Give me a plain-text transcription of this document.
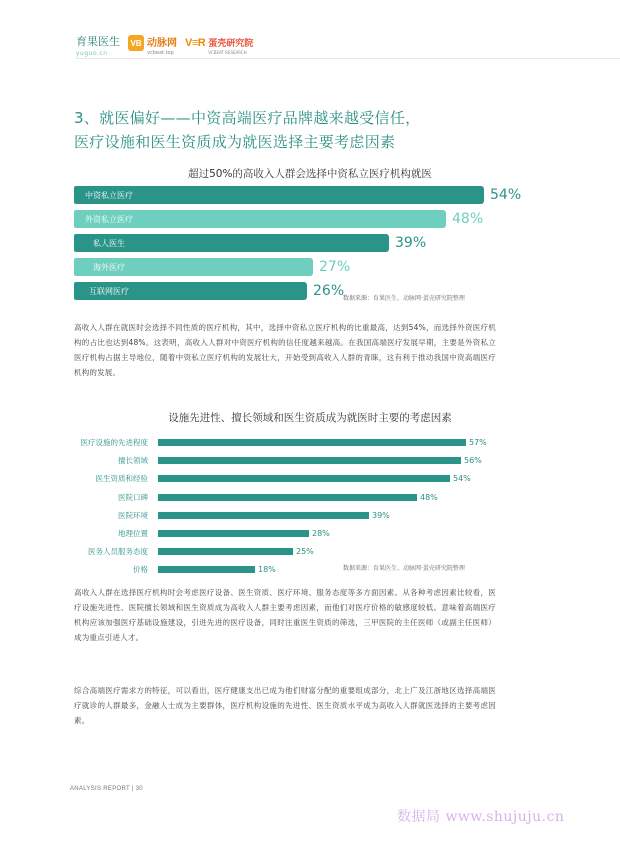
育果医生
yuguo.cn
VB 动脉网
vcbeat.top
V≡R 蛋壳研究院
VCBEAT RESEARCH
3、就医偏好——中资高端医疗品牌越来越受信任，
医疗设施和医生资质成为就医选择主要考虑因素
超过50%的高收入人群会选择中资私立医疗机构就医
中资私立医疗	54%
外资私立医疗	48%
私人医生	39%
海外医疗	27%
互联网医疗	26%
数据来源：育果医生、动脉网·蛋壳研究院整理

高收入人群在就医时会选择不同性质的医疗机构，其中，选择中资私立医疗机构的比重最高，达到54%，而选择外资医疗机构的占比也达到48%。这表明，高收入人群对中资医疗机构的信任度越来越高。在我国高端医疗发展早期，主要是外资私立医疗机构占据主导地位，随着中资私立医疗机构的发展壮大，开始受到高收入人群的青睐，这有利于推动我国中资高端医疗机构的发展。

设施先进性、擅长领域和医生资质成为就医时主要的考虑因素
医疗设施的先进程度	57%
擅长领域	56%
医生资质和经验	54%
医院口碑	48%
医院环境	39%
地理位置	28%
医务人员服务态度	25%
价格	18%	数据来源：育果医生、动脉网·蛋壳研究院整理

高收入人群在选择医疗机构时会考虑医疗设备、医生资质、医疗环境、服务态度等多方面因素。从各种考虑因素比较看，医疗设施先进性、医院擅长领域和医生资质成为高收入人群主要考虑因素，而他们对医疗价格的敏感度较低。意味着高端医疗机构应该加强医疗基础设施建设，引进先进的医疗设备，同时注重医生资质的筛选，三甲医院的主任医师（或副主任医师）成为重点引进人才。

综合高端医疗需求方的特征，可以看出，医疗健康支出已成为他们财富分配的重要组成部分，北上广及江浙地区选择高端医疗就诊的人群最多，金融人士成为主要群体，医疗机构设施的先进性、医生资质水平成为高收入人群就医选择的主要考虑因素。

ANALYSIS REPORT | 30
数据局 www.shujuju.cn
